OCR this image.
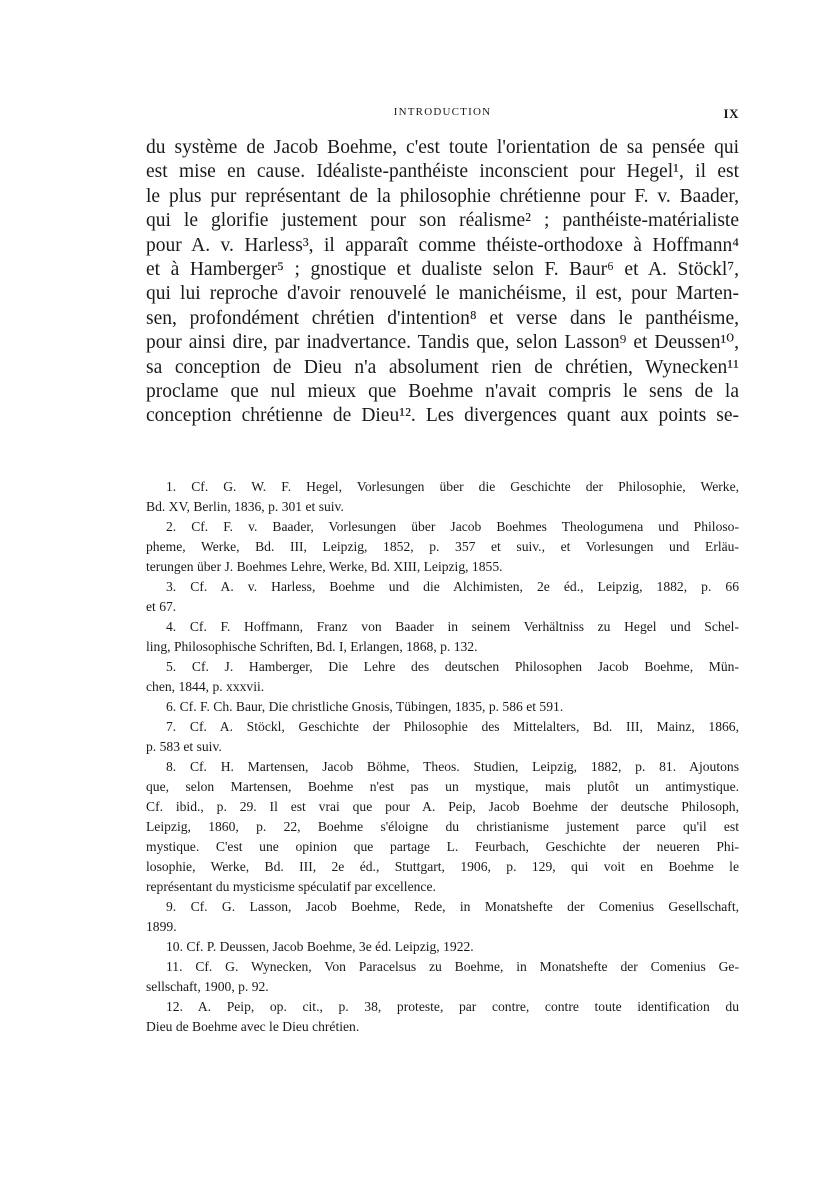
INTRODUCTION	IX
du système de Jacob Boehme, c'est toute l'orientation de sa pensée qui
est mise en cause. Idéaliste-panthéiste inconscient pour Hegel¹, il est
le plus pur représentant de la philosophie chrétienne pour F. v. Baader,
qui le glorifie justement pour son réalisme² ; panthéiste-matérialiste
pour A. v. Harless³, il apparaît comme théiste-orthodoxe à Hoffmann⁴
et à Hamberger⁵ ; gnostique et dualiste selon F. Baur⁶ et A. Stöckl⁷,
qui lui reproche d'avoir renouvelé le manichéisme, il est, pour Marten-
sen, profondément chrétien d'intention⁸ et verse dans le panthéisme,
pour ainsi dire, par inadvertance. Tandis que, selon Lasson⁹ et Deussen¹⁰,
sa conception de Dieu n'a absolument rien de chrétien, Wynecken¹¹
proclame que nul mieux que Boehme n'avait compris le sens de la
conception chrétienne de Dieu¹². Les divergences quant aux points se-
1. Cf. G. W. F. Hegel, Vorlesungen über die Geschichte der Philosophie, Werke,
Bd. XV, Berlin, 1836, p. 301 et suiv.
2. Cf. F. v. Baader, Vorlesungen über Jacob Boehmes Theologumena und Philoso-
pheme, Werke, Bd. III, Leipzig, 1852, p. 357 et suiv., et Vorlesungen und Erläu-
terungen über J. Boehmes Lehre, Werke, Bd. XIII, Leipzig, 1855.
3. Cf. A. v. Harless, Boehme und die Alchimisten, 2e éd., Leipzig, 1882, p. 66
et 67.
4. Cf. F. Hoffmann, Franz von Baader in seinem Verhältniss zu Hegel und Schel-
ling, Philosophische Schriften, Bd. I, Erlangen, 1868, p. 132.
5. Cf. J. Hamberger, Die Lehre des deutschen Philosophen Jacob Boehme, Mün-
chen, 1844, p. xxxvii.
6. Cf. F. Ch. Baur, Die christliche Gnosis, Tübingen, 1835, p. 586 et 591.
7. Cf. A. Stöckl, Geschichte der Philosophie des Mittelalters, Bd. III, Mainz, 1866,
p. 583 et suiv.
8. Cf. H. Martensen, Jacob Böhme, Theos. Studien, Leipzig, 1882, p. 81. Ajoutons
que, selon Martensen, Boehme n'est pas un mystique, mais plutôt un antimystique.
Cf. ibid., p. 29. Il est vrai que pour A. Peip, Jacob Boehme der deutsche Philosoph,
Leipzig, 1860, p. 22, Boehme s'éloigne du christianisme justement parce qu'il est
mystique. C'est une opinion que partage L. Feurbach, Geschichte der neueren Phi-
losophie, Werke, Bd. III, 2e éd., Stuttgart, 1906, p. 129, qui voit en Boehme le
représentant du mysticisme spéculatif par excellence.
9. Cf. G. Lasson, Jacob Boehme, Rede, in Monatshefte der Comenius Gesellschaft,
1899.
10. Cf. P. Deussen, Jacob Boehme, 3e éd. Leipzig, 1922.
11. Cf. G. Wynecken, Von Paracelsus zu Boehme, in Monatshefte der Comenius Ge-
sellschaft, 1900, p. 92.
12. A. Peip, op. cit., p. 38, proteste, par contre, contre toute identification du
Dieu de Boehme avec le Dieu chrétien.
